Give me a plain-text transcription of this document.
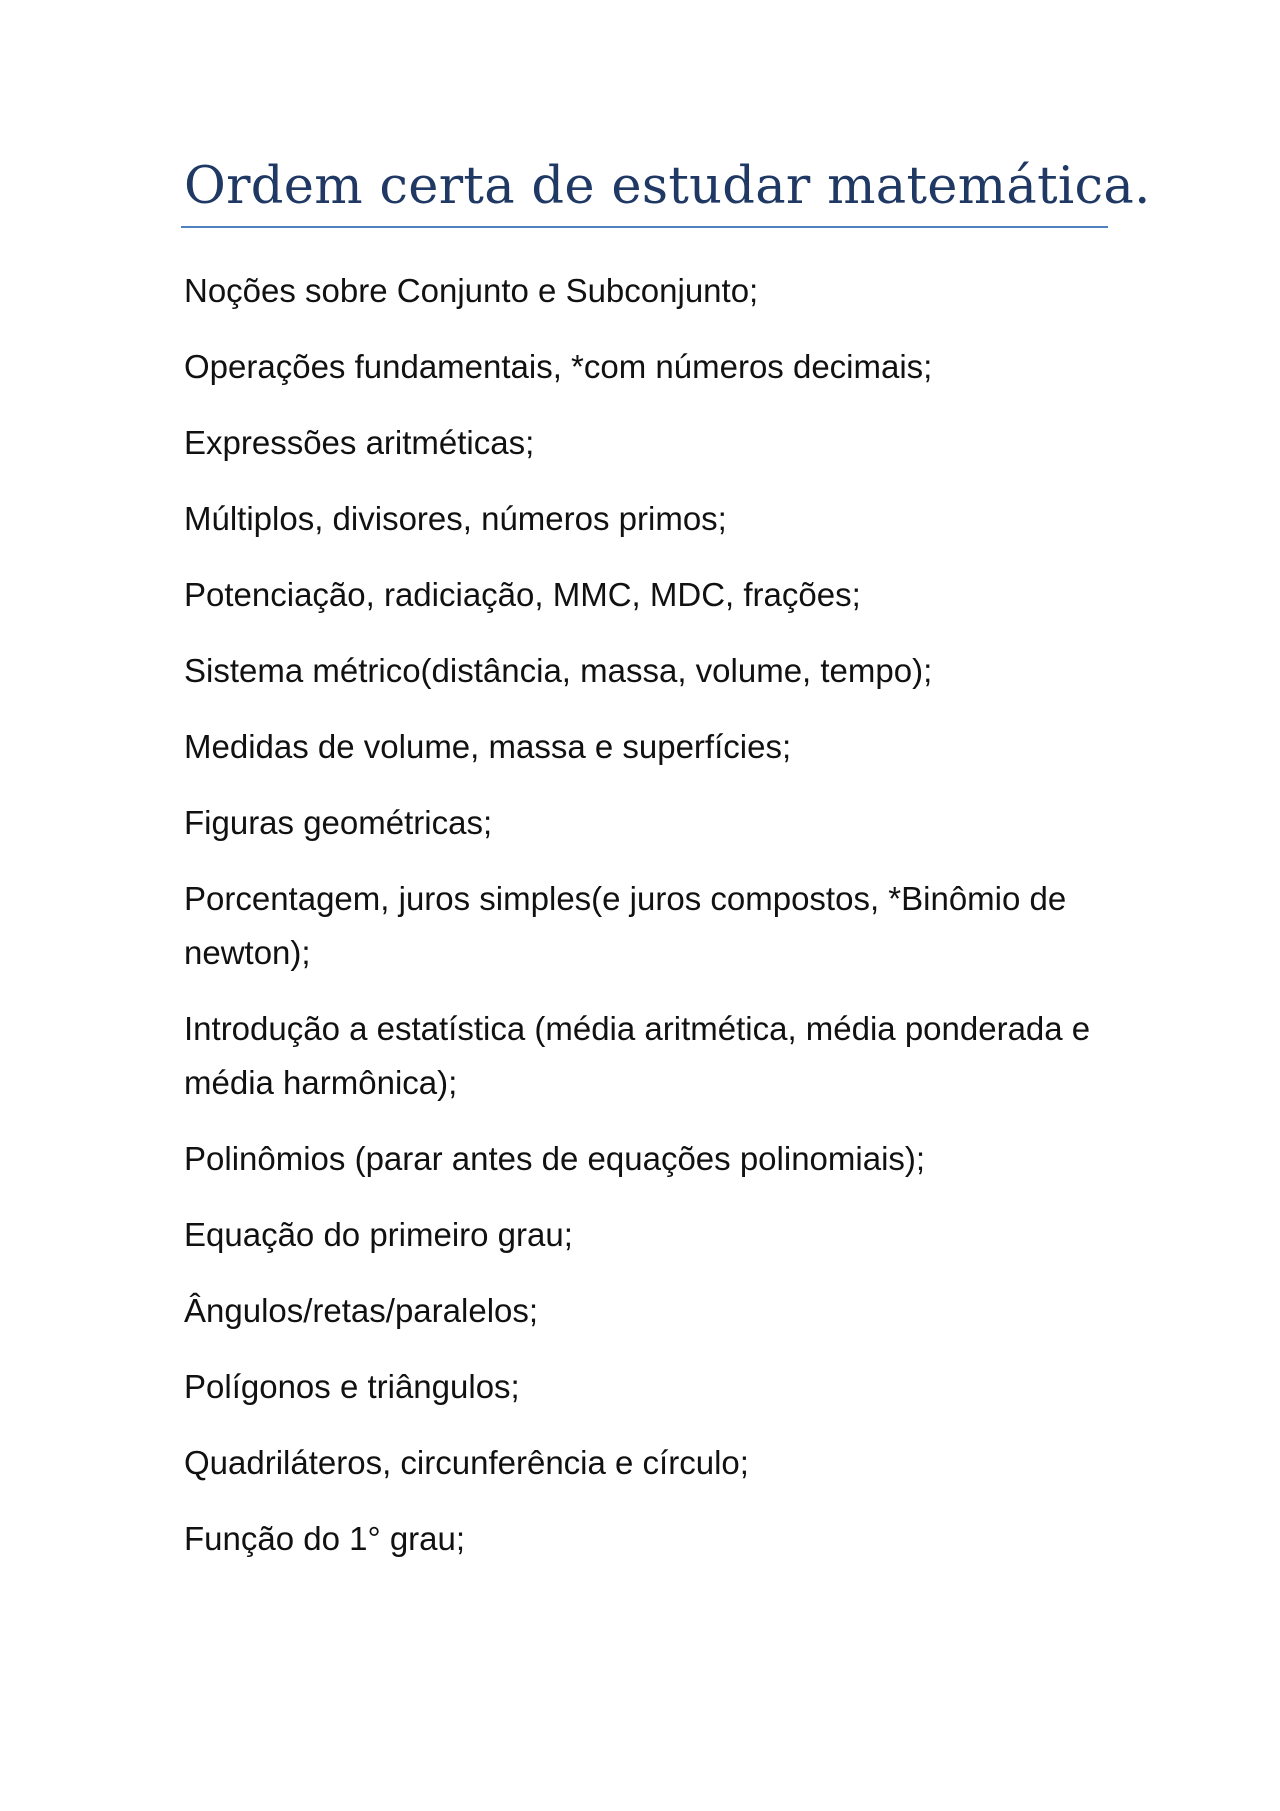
Ordem certa de estudar matemática.
Noções sobre Conjunto e Subconjunto;
Operações fundamentais, *com números decimais;
Expressões aritméticas;
Múltiplos, divisores, números primos;
Potenciação, radiciação, MMC, MDC, frações;
Sistema métrico(distância, massa, volume, tempo);
Medidas de volume, massa e superfícies;
Figuras geométricas;
Porcentagem, juros simples(e juros compostos, *Binômio de newton);
Introdução a estatística (média aritmética, média ponderada e média harmônica);
Polinômios (parar antes de equações polinomiais);
Equação do primeiro grau;
Ângulos/retas/paralelos;
Polígonos e triângulos;
Quadriláteros, circunferência e círculo;
Função do 1° grau;
